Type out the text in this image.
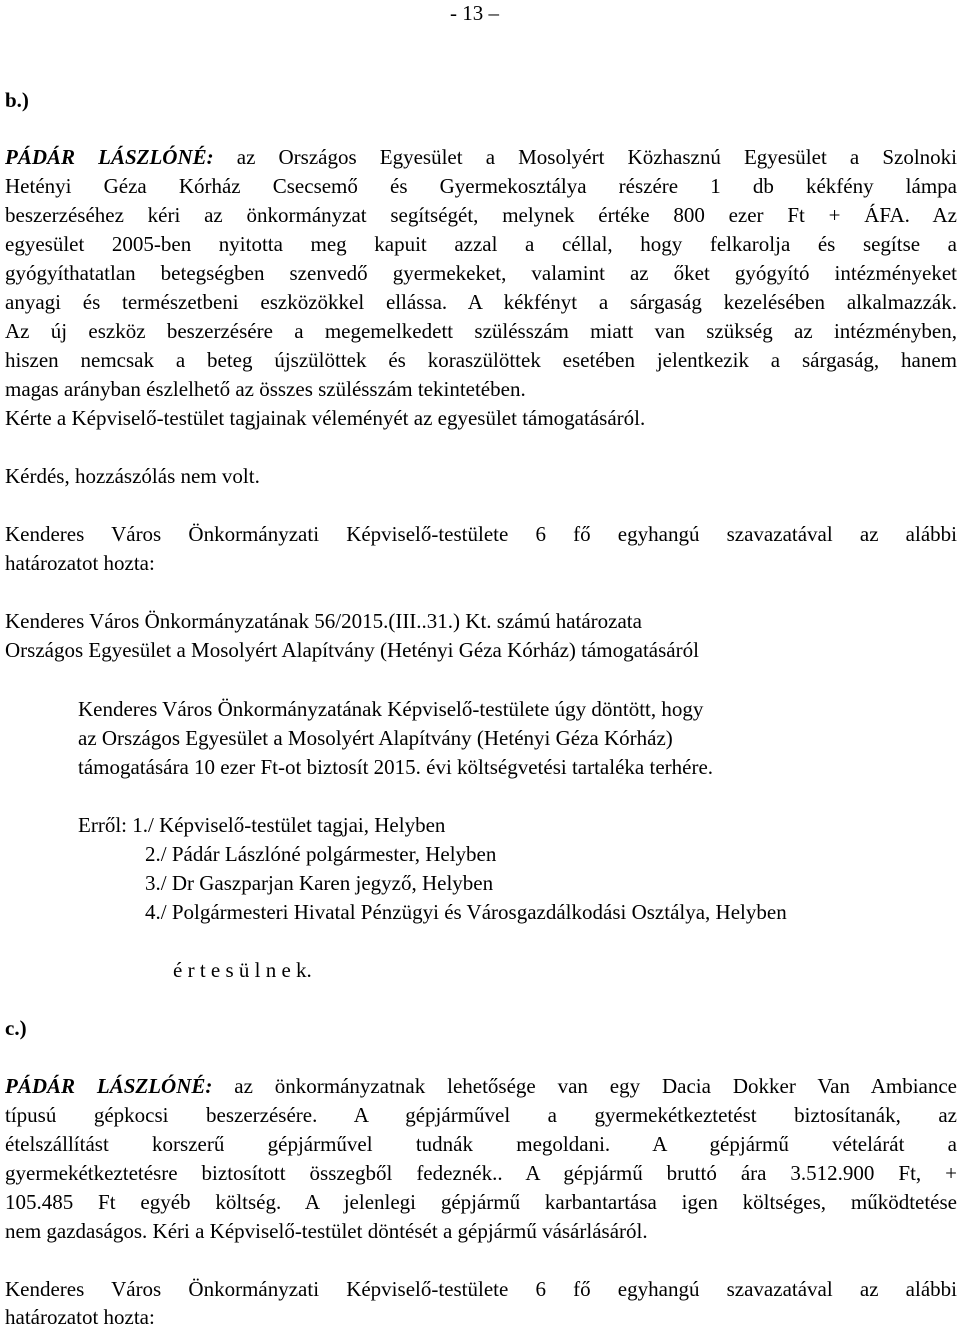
- 13 –
b.)
PÁDÁR LÁSZLÓNÉ: az Országos Egyesület a Mosolyért Közhasznú Egyesület a Szolnoki
Hetényi Géza Kórház Csecsemő és Gyermekosztálya részére 1 db kékfény lámpa
beszerzéséhez kéri az önkormányzat segítségét, melynek értéke 800 ezer Ft + ÁFA. Az
egyesület 2005-ben nyitotta meg kapuit azzal a céllal, hogy felkarolja és segítse a
gyógyíthatatlan betegségben szenvedő gyermekeket, valamint az őket gyógyító intézményeket
anyagi és természetbeni eszközökkel ellássa. A kékfényt a sárgaság kezelésében alkalmazzák.
Az új eszköz beszerzésére a megemelkedett szülésszám miatt van szükség az intézményben,
hiszen nemcsak a beteg újszülöttek és koraszülöttek esetében jelentkezik a sárgaság, hanem
magas arányban észlelhető az összes szülésszám tekintetében.
Kérte a Képviselő-testület tagjainak véleményét az egyesület támogatásáról.
Kérdés, hozzászólás nem volt.
Kenderes Város Önkormányzati Képviselő-testülete 6 fő egyhangú szavazatával az alábbi
határozatot hozta:
Kenderes Város Önkormányzatának 56/2015.(III..31.) Kt. számú határozata
Országos Egyesület a Mosolyért Alapítvány (Hetényi Géza Kórház) támogatásáról
Kenderes Város Önkormányzatának Képviselő-testülete úgy döntött, hogy
az Országos Egyesület a Mosolyért Alapítvány (Hetényi Géza Kórház)
támogatására 10 ezer Ft-ot biztosít 2015. évi költségvetési tartaléka terhére.
Erről: 1./ Képviselő-testület tagjai, Helyben
2./ Pádár Lászlóné polgármester, Helyben
3./ Dr Gaszparjan Karen jegyző, Helyben
4./ Polgármesteri Hivatal Pénzügyi és Városgazdálkodási Osztálya, Helyben
é r t e s ü l n e k.
c.)
PÁDÁR LÁSZLÓNÉ: az önkormányzatnak lehetősége van egy Dacia Dokker Van Ambiance
típusú gépkocsi beszerzésére. A gépjárművel a gyermekétkeztetést biztosítanák, az
ételszállítást korszerű gépjárművel tudnák megoldani. A gépjármű vételárát a
gyermekétkeztetésre biztosított összegből fedeznék.. A gépjármű bruttó ára 3.512.900 Ft, +
105.485 Ft egyéb költség. A jelenlegi gépjármű karbantartása igen költséges, működtetése
nem gazdaságos. Kéri a Képviselő-testület döntését a gépjármű vásárlásáról.
Kenderes Város Önkormányzati Képviselő-testülete 6 fő egyhangú szavazatával az alábbi
határozatot hozta:
